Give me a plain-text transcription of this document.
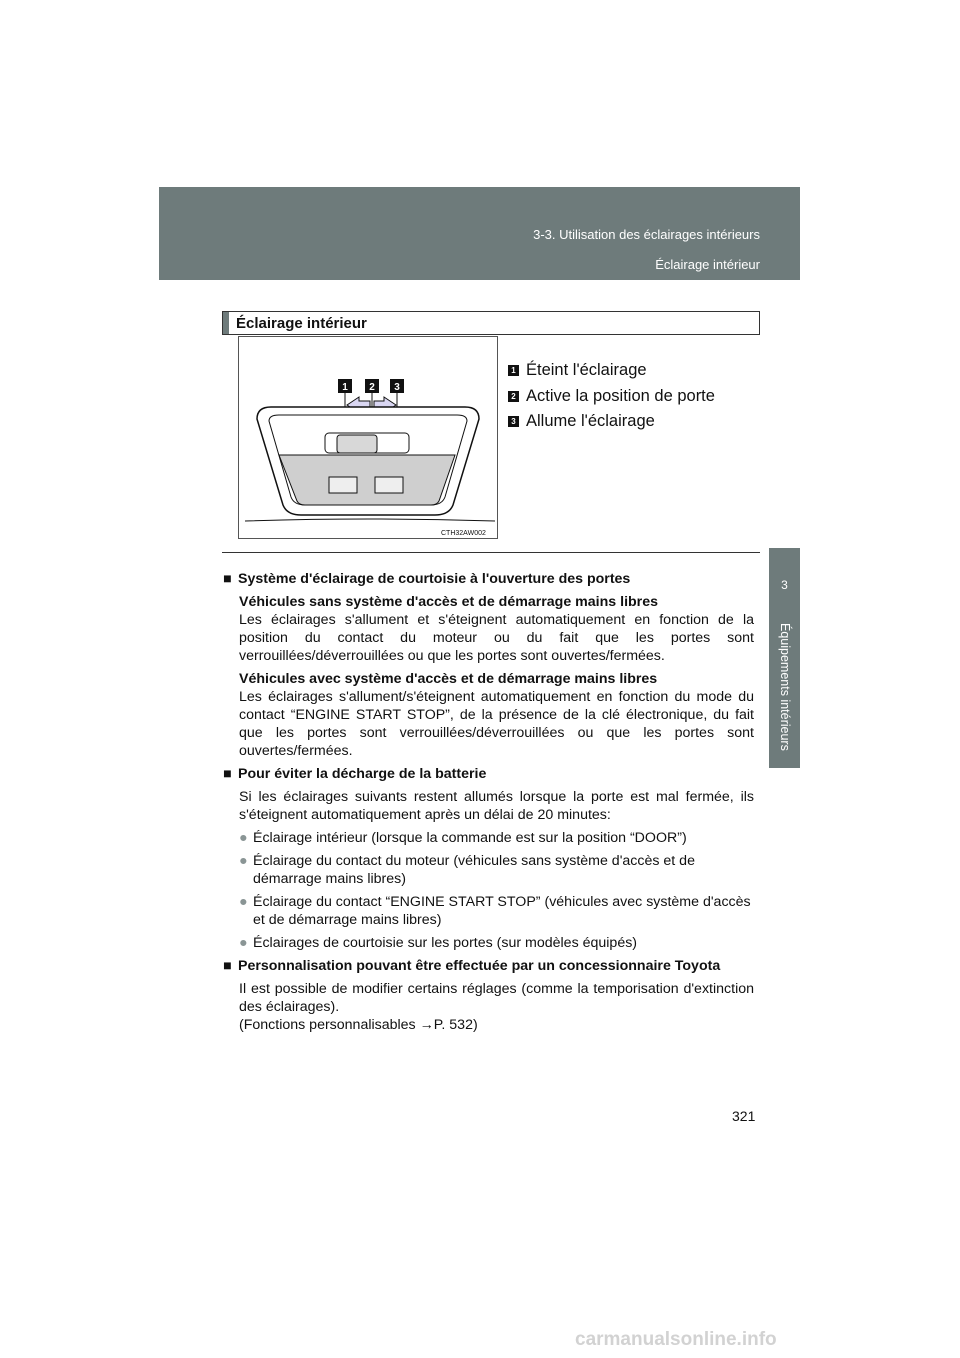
3-3. Utilisation des éclairages intérieurs
Éclairage intérieur
3
Équipements intérieurs
Éclairage intérieur
1 2 3
CTH32AW002
1 Éteint l'éclairage
2 Active la position de porte
3 Allume l'éclairage
■ Système d'éclairage de courtoisie à l'ouverture des portes
Véhicules sans système d'accès et de démarrage mains libres
Les éclairages s'allument et s'éteignent automatiquement en fonction de la position du contact du moteur ou du fait que les portes sont verrouillées/déverrouillées ou que les portes sont ouvertes/fermées.
Véhicules avec système d'accès et de démarrage mains libres
Les éclairages s'allument/s'éteignent automatiquement en fonction du mode du contact “ENGINE START STOP”, de la présence de la clé électronique, du fait que les portes sont verrouillées/déverrouillées ou que les portes sont ouvertes/fermées.
■ Pour éviter la décharge de la batterie
Si les éclairages suivants restent allumés lorsque la porte est mal fermée, ils s'éteignent automatiquement après un délai de 20 minutes:
● Éclairage intérieur (lorsque la commande est sur la position “DOOR”)
● Éclairage du contact du moteur (véhicules sans système d'accès et de démarrage mains libres)
● Éclairage du contact “ENGINE START STOP” (véhicules avec système d'accès et de démarrage mains libres)
● Éclairages de courtoisie sur les portes (sur modèles équipés)
■ Personnalisation pouvant être effectuée par un concessionnaire Toyota
Il est possible de modifier certains réglages (comme la temporisation d'extinction des éclairages).
(Fonctions personnalisables →P. 532)
321
carmanualsonline.info
